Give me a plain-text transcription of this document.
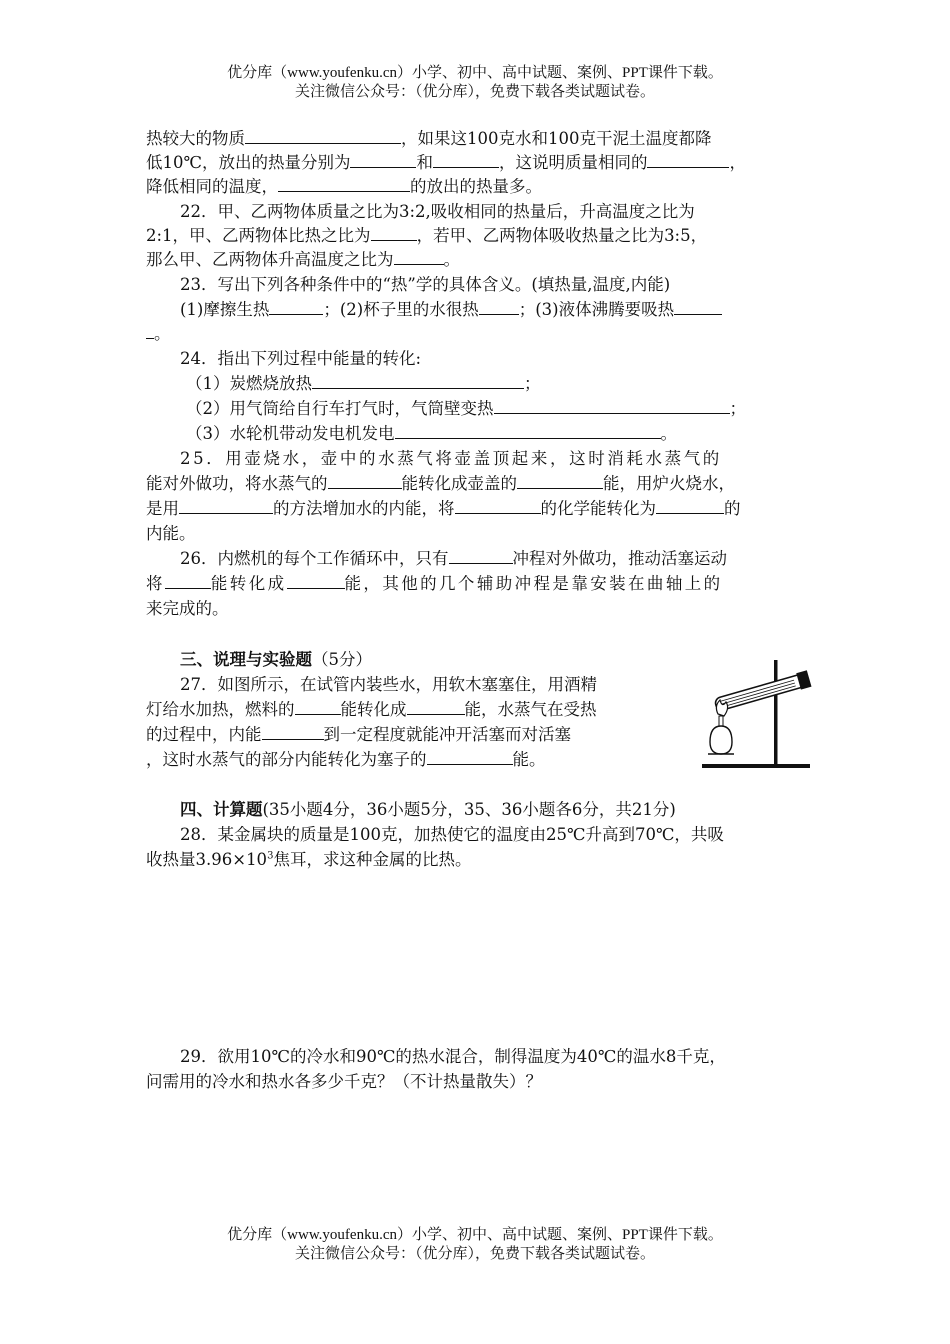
优分库（www.youfenku.cn）小学、初中、高中试题、案例、PPT课件下载。
关注微信公众号：（优分库），免费下载各类试题试卷。
热较大的物质	，如果这100克水和100克干泥土温度都降
低10℃，放出的热量分别为	和	，这说明质量相同的	，
降低相同的温度，	的放出的热量多。
22．甲、乙两物体质量之比为3:2,吸收相同的热量后，升高温度之比为
2:1，甲、乙两物体比热之比为	，若甲、乙两物体吸收热量之比为3:5，
那么甲、乙两物体升高温度之比为	。
23．写出下列各种条件中的“热”学的具体含义。(填热量,温度,内能)
(1)摩擦生热	；(2)杯子里的水很热 ；(3)液体沸腾要吸热
。
24．指出下列过程中能量的转化:
（1）炭燃烧放热	；
（2）用气筒给自行车打气时，气筒壁变热	；
（3）水轮机带动发电机发电	。
25．用壶烧水，壶中的水蒸气将壶盖顶起来，这时消耗水蒸气的
能对外做功，将水蒸气的	能转化成壶盖的	能，用炉火烧水，
是用	的方法增加水的内能，将	的化学能转化为	的
内能。
26．内燃机的每个工作循环中，只有	冲程对外做功，推动活塞运动
将	能转化成	能，其他的几个辅助冲程是靠安装在曲轴上的
来完成的。
三、说理与实验题（5分）
27．如图所示，在试管内装些水，用软木塞塞住，用酒精
灯给水加热，燃料的	能转化成	能，水蒸气在受热
的过程中，内能	到一定程度就能冲开活塞而对活塞
，这时水蒸气的部分内能转化为塞子的	能。
四、计算题(35小题4分，36小题5分，35、36小题各6分，共21分)
28．某金属块的质量是100克，加热使它的温度由25℃升高到70℃，共吸
收热量$3.96\times 10^3$焦耳，求这种金属的比热。
29．欲用10℃的冷水和90℃的热水混合，制得温度为40℃的温水8千克，
问需用的冷水和热水各多少千克？（不计热量散失）？
优分库（www.youfenku.cn）小学、初中、高中试题、案例、PPT课件下载。
关注微信公众号：（优分库），免费下载各类试题试卷。
